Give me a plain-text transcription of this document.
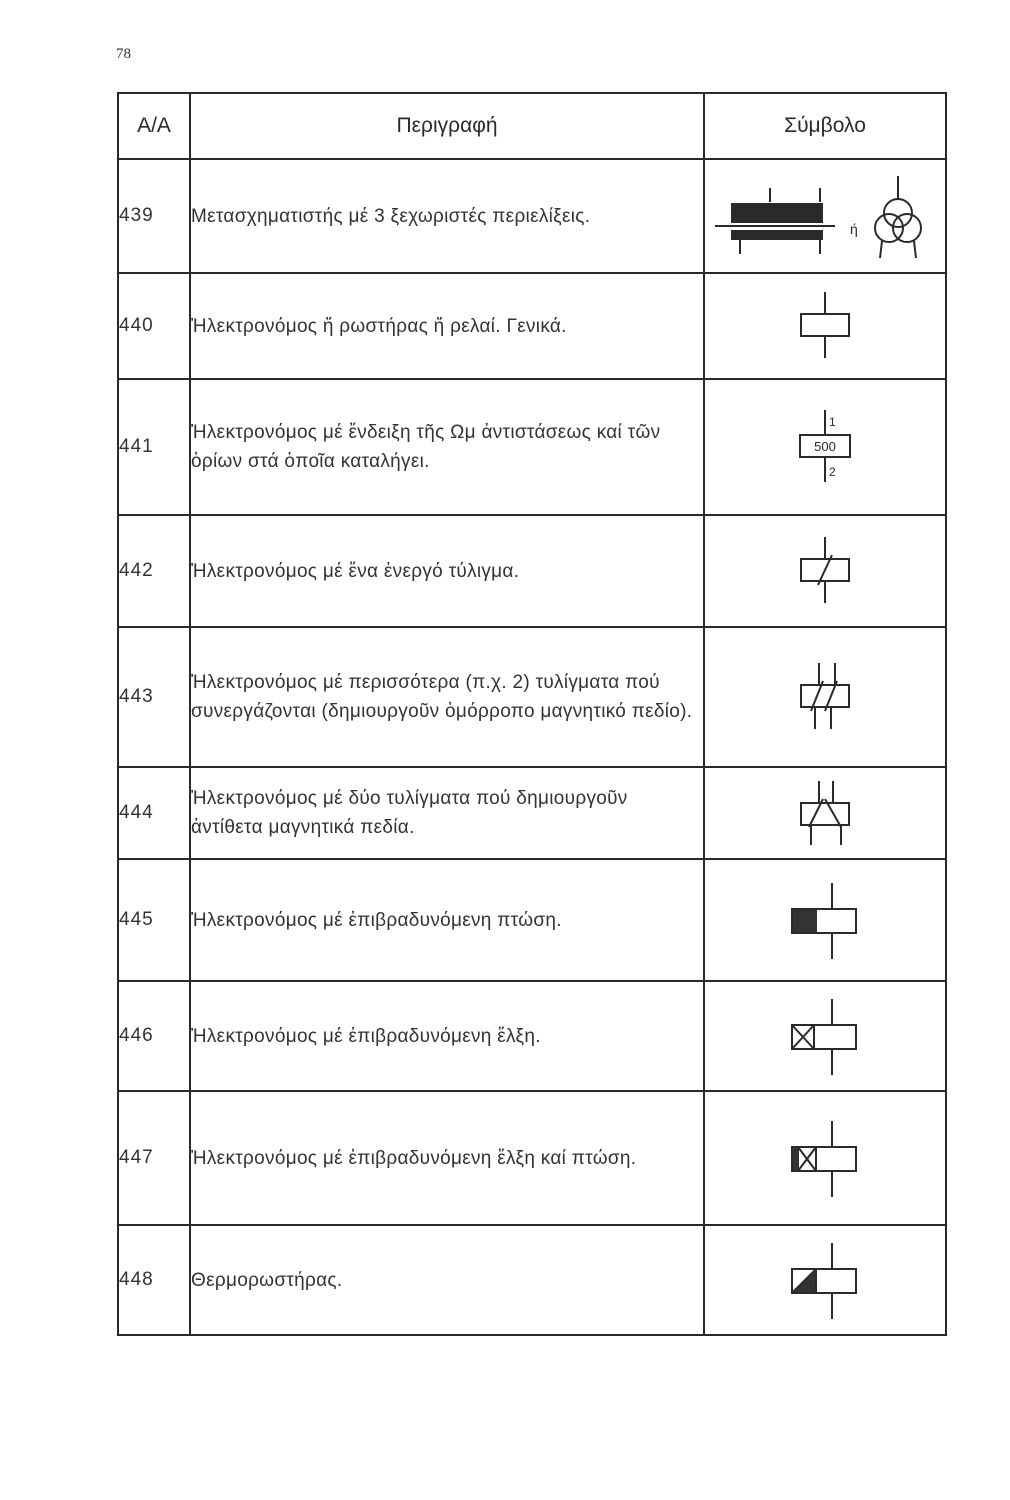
78
Α/Α	Περιγραφή	Σύμβολο
439	Μετασχηματιστής μέ 3 ξεχωριστές περιελίξεις.	ή

440	Ἠλεκτρονόμος ἤ ρωστήρας ἤ ρελαί. Γενικά.	

441	Ἠλεκτρονόμος μέ ἔνδειξη τῆς Ωμ ἀντιστάσεως καί τῶν ὁρίων στά ὁποῖα καταλήγει.	1
500
2

442	Ἠλεκτρονόμος μέ ἕνα ἐνεργό τύλιγμα.	

443	Ἠλεκτρονόμος μέ περισσότερα (π.χ. 2) τυλίγματα πού συνεργάζονται (δημιουργοῦν ὁμόρροπο μαγνητικό πεδίο).	

444	Ἠλεκτρονόμος μέ δύο τυλίγματα πού δημιουργοῦν ἀντίθετα μαγνητικά πεδία.	

445	Ἠλεκτρονόμος μέ ἐπιβραδυνόμενη πτώση.	

446	Ἠλεκτρονόμος μέ ἐπιβραδυνόμενη ἕλξη.	

447	Ἠλεκτρονόμος μέ ἐπιβραδυνόμενη ἕλξη καί πτώση.	

448	Θερμορωστήρας.	
